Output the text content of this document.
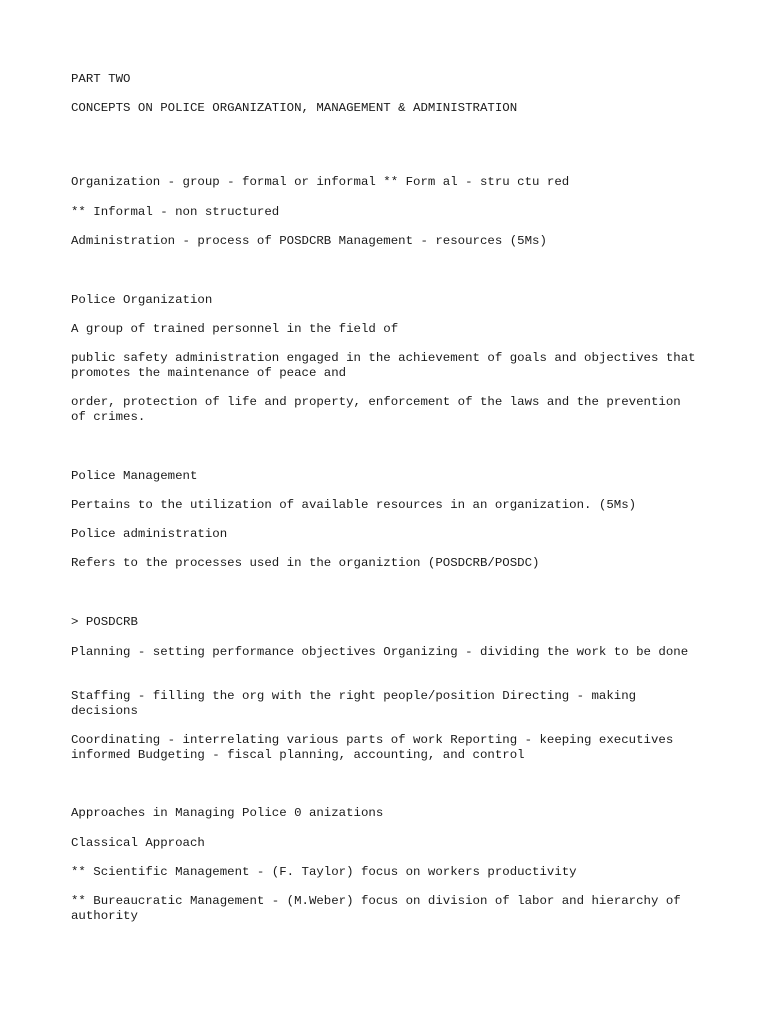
PART TWO

CONCEPTS ON POLICE ORGANIZATION, MANAGEMENT & ADMINISTRATION

Organization - group - formal or informal ** Form al - stru ctu red

** Informal - non structured

Administration - process of POSDCRB Management - resources (5Ms)

Police Organization

A group of trained personnel in the field of

public safety administration engaged in the achievement of goals and objectives that promotes the maintenance of peace and

order, protection of life and property, enforcement of the laws and the prevention of crimes.

Police Management

Pertains to the utilization of available resources in an organization. (5Ms)

Police administration

Refers to the processes used in the organiztion (POSDCRB/POSDC)

> POSDCRB

Planning - setting performance objectives Organizing - dividing the work to be done

Staffing - filling the org with the right people/position Directing - making decisions

Coordinating - interrelating various parts of work Reporting - keeping executives informed Budgeting - fiscal planning, accounting, and control

Approaches in Managing Police 0 anizations

Classical Approach

** Scientific Management - (F. Taylor) focus on workers productivity

** Bureaucratic Management - (M.Weber) focus on division of labor and hierarchy of authority
